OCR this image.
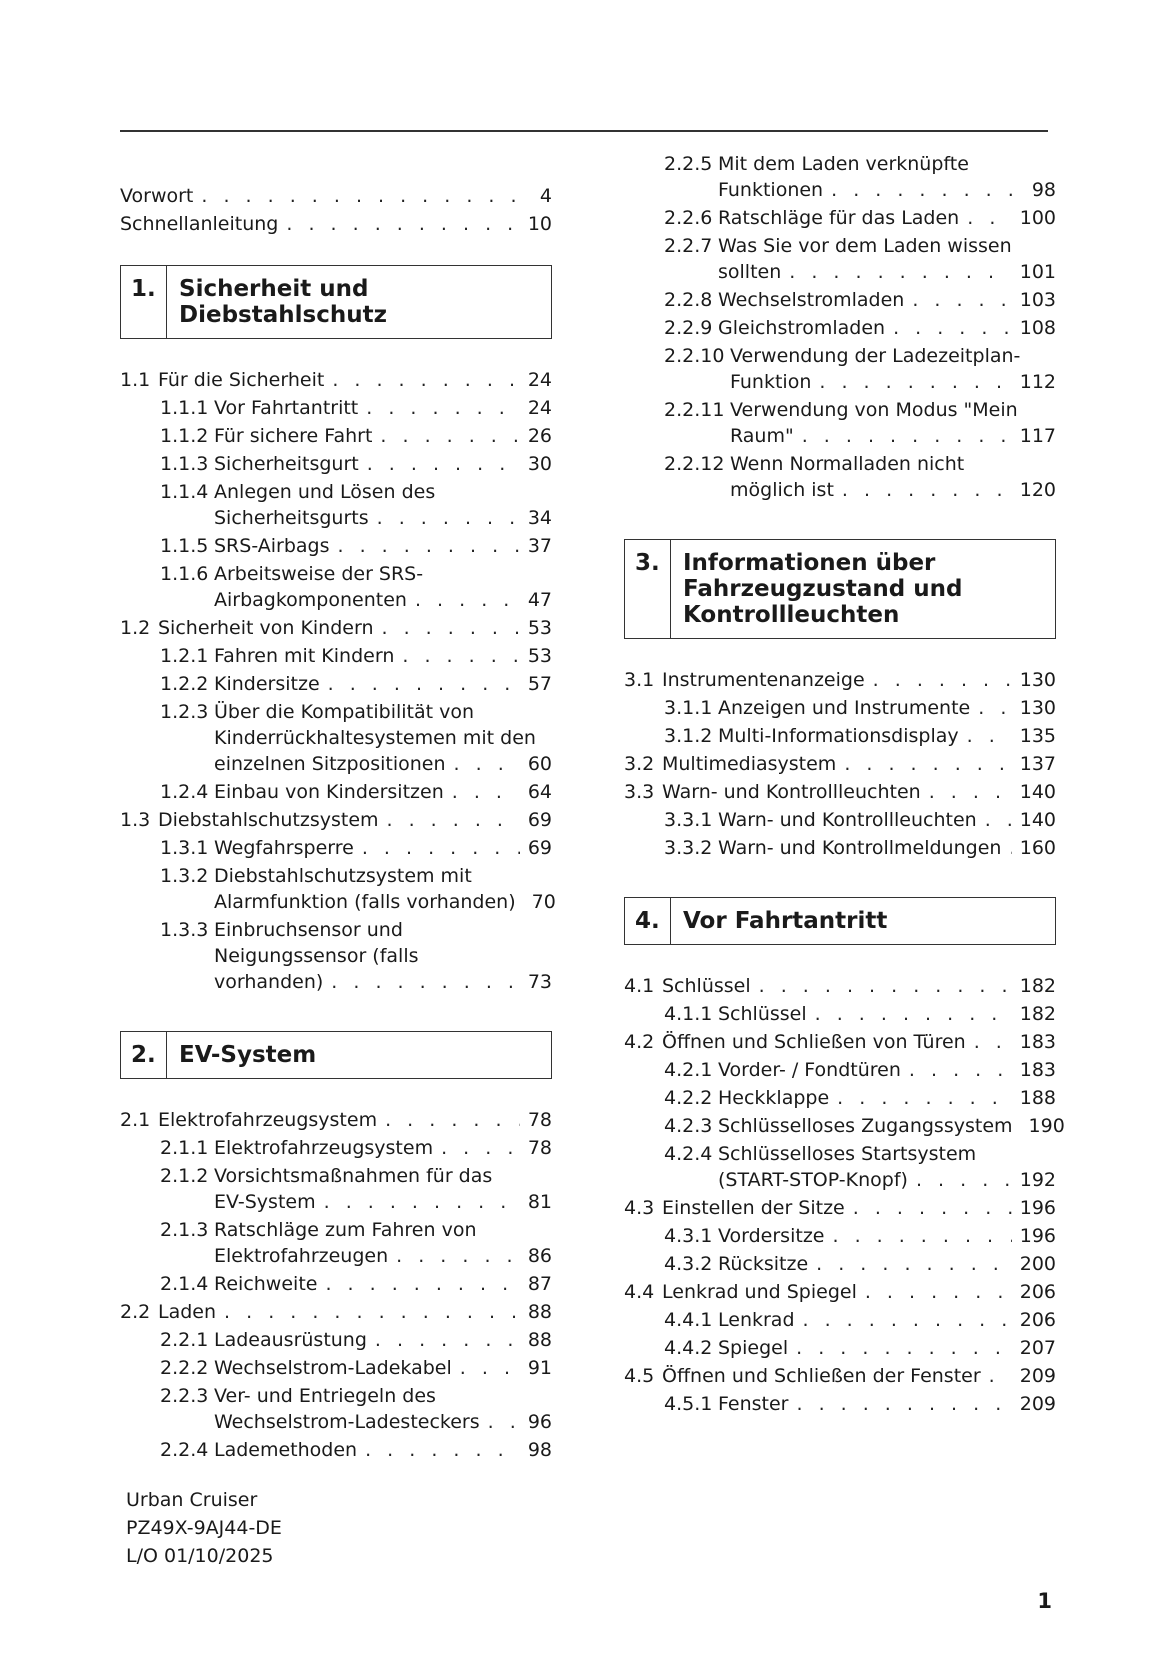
Vorwort . . .	4
Schnellanleitung . . .	10
1.	Sicherheit und
Diebstahlschutz
1.1 Für die Sicherheit . . .	24
1.1.1 Vor Fahrtantritt . . .	24
1.1.2 Für sichere Fahrt . . .	26
1.1.3 Sicherheitsgurt . . .	30
1.1.4 Anlegen und Lösen des
Sicherheitsgurts . . .	34
1.1.5 SRS-Airbags . . .	37
1.1.6 Arbeitsweise der SRS-
Airbagkomponenten . . .	47
1.2 Sicherheit von Kindern . . .	53
1.2.1 Fahren mit Kindern . . .	53
1.2.2 Kindersitze . . .	57
1.2.3 Über die Kompatibilität von
Kinderrückhaltesystemen mit den
einzelnen Sitzpositionen . . .	60
1.2.4 Einbau von Kindersitzen . . .	64
1.3 Diebstahlschutzsystem . . .	69
1.3.1 Wegfahrsperre . . .	69
1.3.2 Diebstahlschutzsystem mit
Alarmfunktion (falls vorhanden) 70
1.3.3 Einbruchsensor und
Neigungssensor (falls
vorhanden) . . .	73
2.	EV-System
2.1 Elektrofahrzeugsystem . . .	78
2.1.1 Elektrofahrzeugsystem . . .	78
2.1.2 Vorsichtsmaßnahmen für das
EV-System . . .	81
2.1.3 Ratschläge zum Fahren von
Elektrofahrzeugen . . .	86
2.1.4 Reichweite . . .	87
2.2 Laden . . .	88
2.2.1 Ladeausrüstung . . .	88
2.2.2 Wechselstrom-Ladekabel . . .	91
2.2.3 Ver- und Entriegeln des
Wechselstrom-Ladesteckers . . .	96
2.2.4 Lademethoden . . .	98
2.2.5 Mit dem Laden verknüpfte
Funktionen . . .	98
2.2.6 Ratschläge für das Laden . . .	100
2.2.7 Was Sie vor dem Laden wissen
sollten . . .	101
2.2.8 Wechselstromladen . . .	103
2.2.9 Gleichstromladen . . .	108
2.2.10 Verwendung der Ladezeitplan-
Funktion . . .	112
2.2.11 Verwendung von Modus "Mein
Raum" . . .	117
2.2.12 Wenn Normalladen nicht
möglich ist . . .	120
3.	Informationen über
Fahrzeugzustand und
Kontrollleuchten
3.1 Instrumentenanzeige . . .	130
3.1.1 Anzeigen und Instrumente . . .	130
3.1.2 Multi-Informationsdisplay . . .	135
3.2 Multimediasystem . . .	137
3.3 Warn- und Kontrollleuchten . . .	140
3.3.1 Warn- und Kontrollleuchten . . . 140
3.3.2 Warn- und Kontrollmeldungen . . . 160
4.	Vor Fahrtantritt
4.1 Schlüssel . . .	182
4.1.1 Schlüssel . . .	182
4.2 Öffnen und Schließen von Türen . . .	183
4.2.1 Vorder- / Fondtüren . . .	183
4.2.2 Heckklappe . . .	188
4.2.3 Schlüsselloses Zugangssystem 190
4.2.4 Schlüsselloses Startsystem
(START-STOP-Knopf) . . .	192
4.3 Einstellen der Sitze . . .	196
4.3.1 Vordersitze . . .	196
4.3.2 Rücksitze . . .	200
4.4 Lenkrad und Spiegel . . .	206
4.4.1 Lenkrad . . .	206
4.4.2 Spiegel . . .	207
4.5 Öffnen und Schließen der Fenster . . . 209
4.5.1 Fenster . . .	209
Urban Cruiser
PZ49X-9AJ44-DE
L/O 01/10/2025
1
